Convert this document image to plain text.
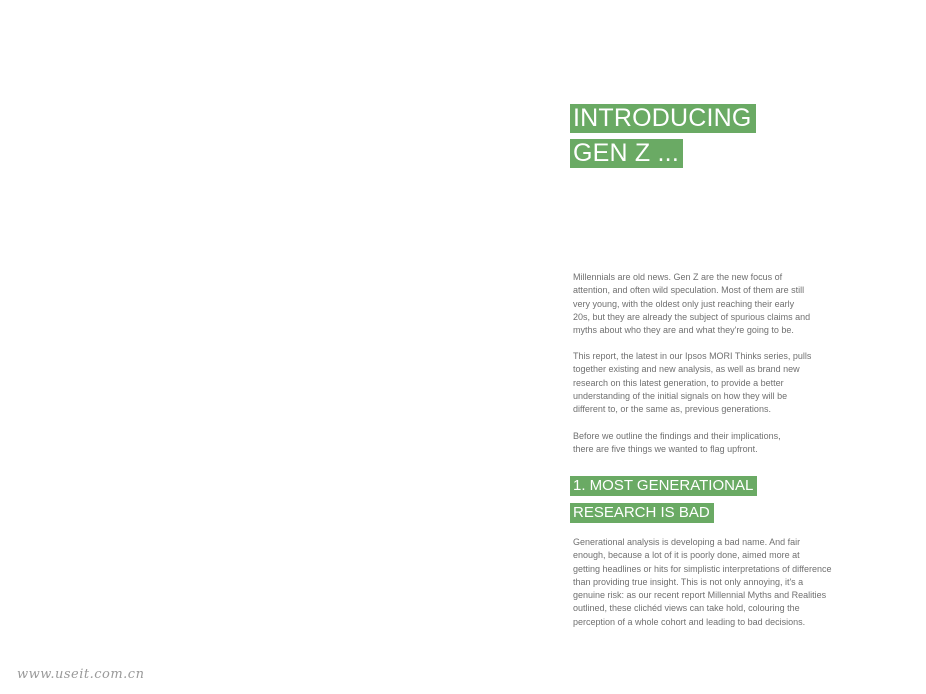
INTRODUCING
GEN Z ...

Millennials are old news. Gen Z are the new focus of
attention, and often wild speculation. Most of them are still
very young, with the oldest only just reaching their early
20s, but they are already the subject of spurious claims and
myths about who they are and what they're going to be.

This report, the latest in our Ipsos MORI Thinks series, pulls
together existing and new analysis, as well as brand new
research on this latest generation, to provide a better
understanding of the initial signals on how they will be
different to, or the same as, previous generations.

Before we outline the findings and their implications,
there are five things we wanted to flag upfront.

1. MOST GENERATIONAL
RESEARCH IS BAD

Generational analysis is developing a bad name. And fair
enough, because a lot of it is poorly done, aimed more at
getting headlines or hits for simplistic interpretations of difference
than providing true insight. This is not only annoying, it's a
genuine risk: as our recent report Millennial Myths and Realities
outlined, these clichéd views can take hold, colouring the
perception of a whole cohort and leading to bad decisions.

www.useit.com.cn
